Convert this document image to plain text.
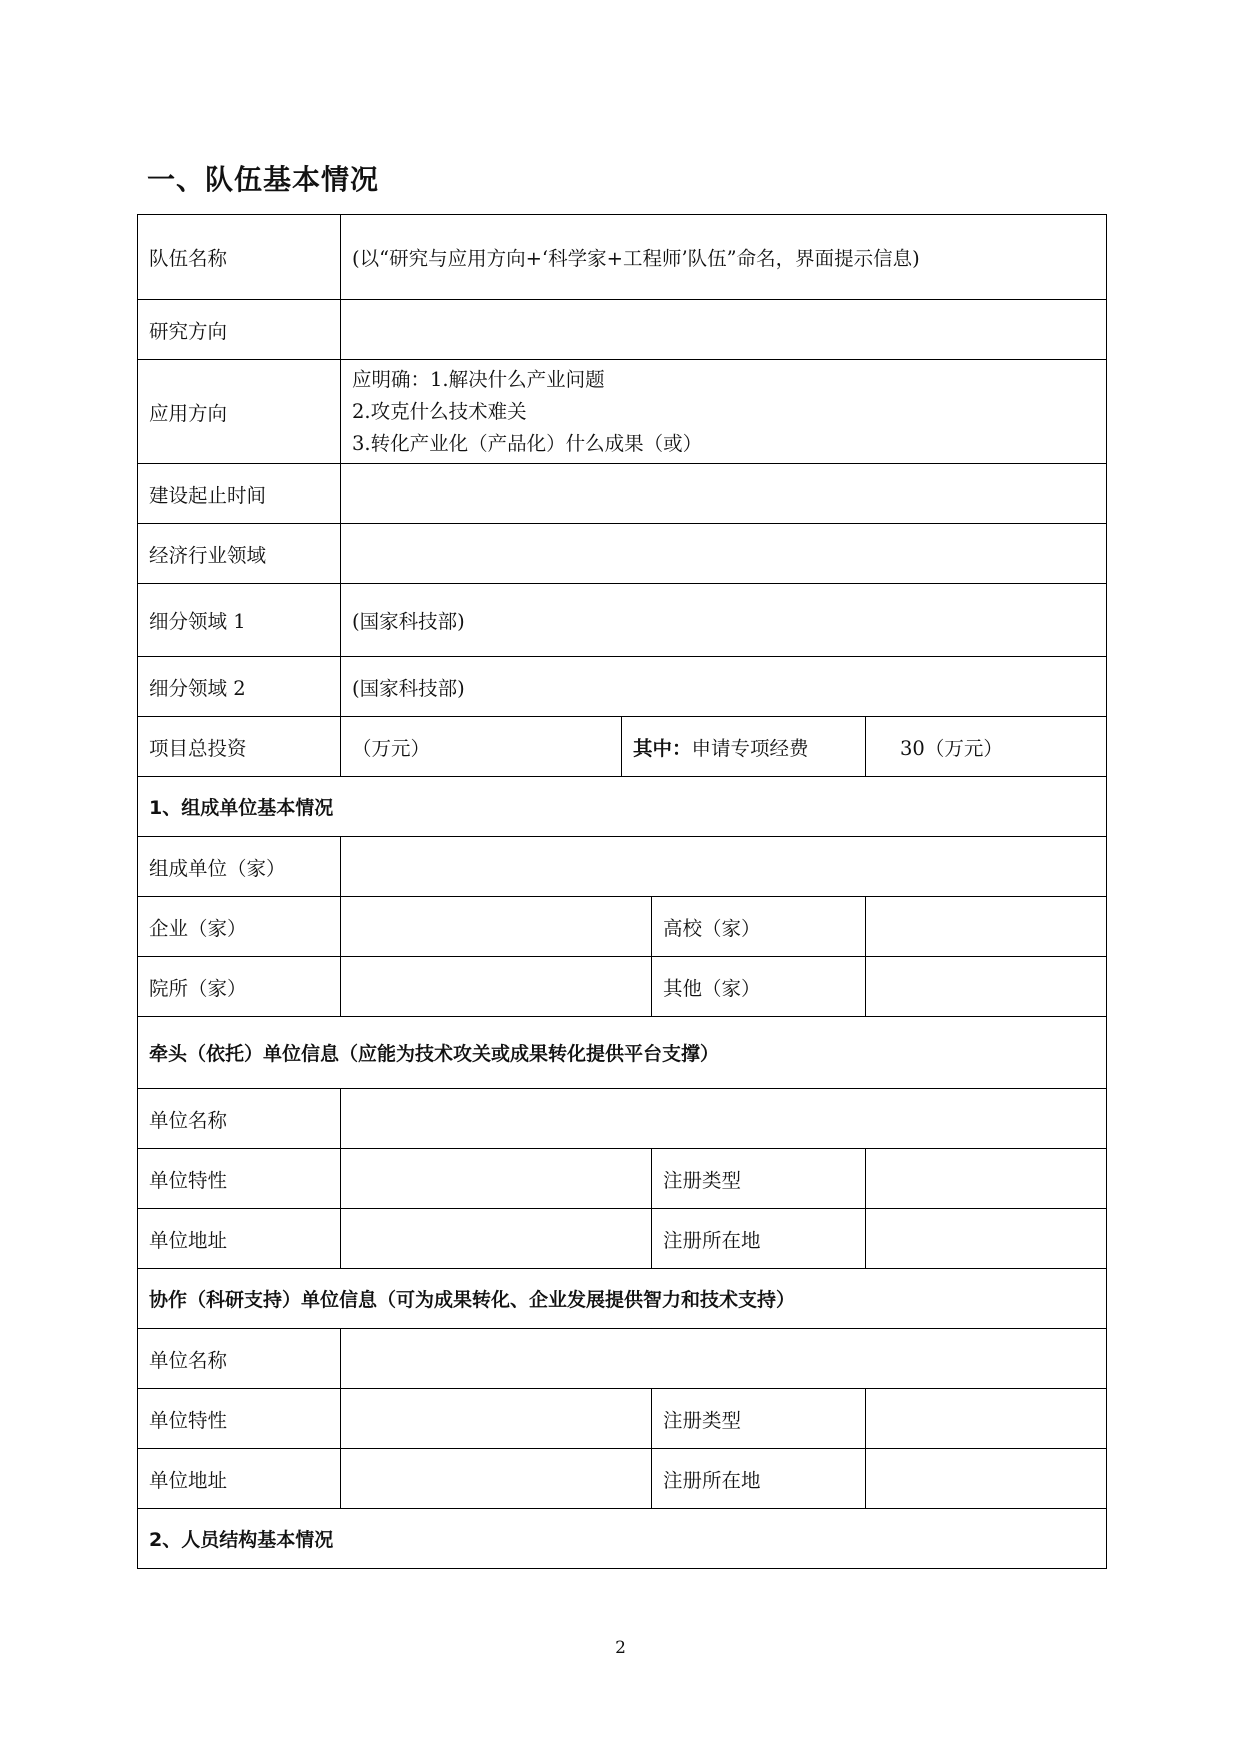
一、队伍基本情况
队伍名称	(以“研究与应用方向+‘科学家+工程师’队伍”命名，界面提示信息)			
研究方向				
应用方向	应明确：1.解决什么产业问题
2.攻克什么技术难关
3.转化产业化（产品化）什么成果（或）			

建设起止时间				
经济行业领域				
细分领域 1	(国家科技部)			
细分领域 2	(国家科技部)			
项目总投资	（万元）	其中：申请专项经费		30（万元）
1、组成单位基本情况				
组成单位（家）				
企业（家）			高校（家）	
院所（家）			其他（家）	
牵头（依托）单位信息（应能为技术攻关或成果转化提供平台支撑）				
单位名称				
单位特性			注册类型	
单位地址			注册所在地	
协作（科研支持）单位信息（可为成果转化、企业发展提供智力和技术支持）				
单位名称				
单位特性			注册类型	
单位地址			注册所在地	
2、人员结构基本情况				
2
